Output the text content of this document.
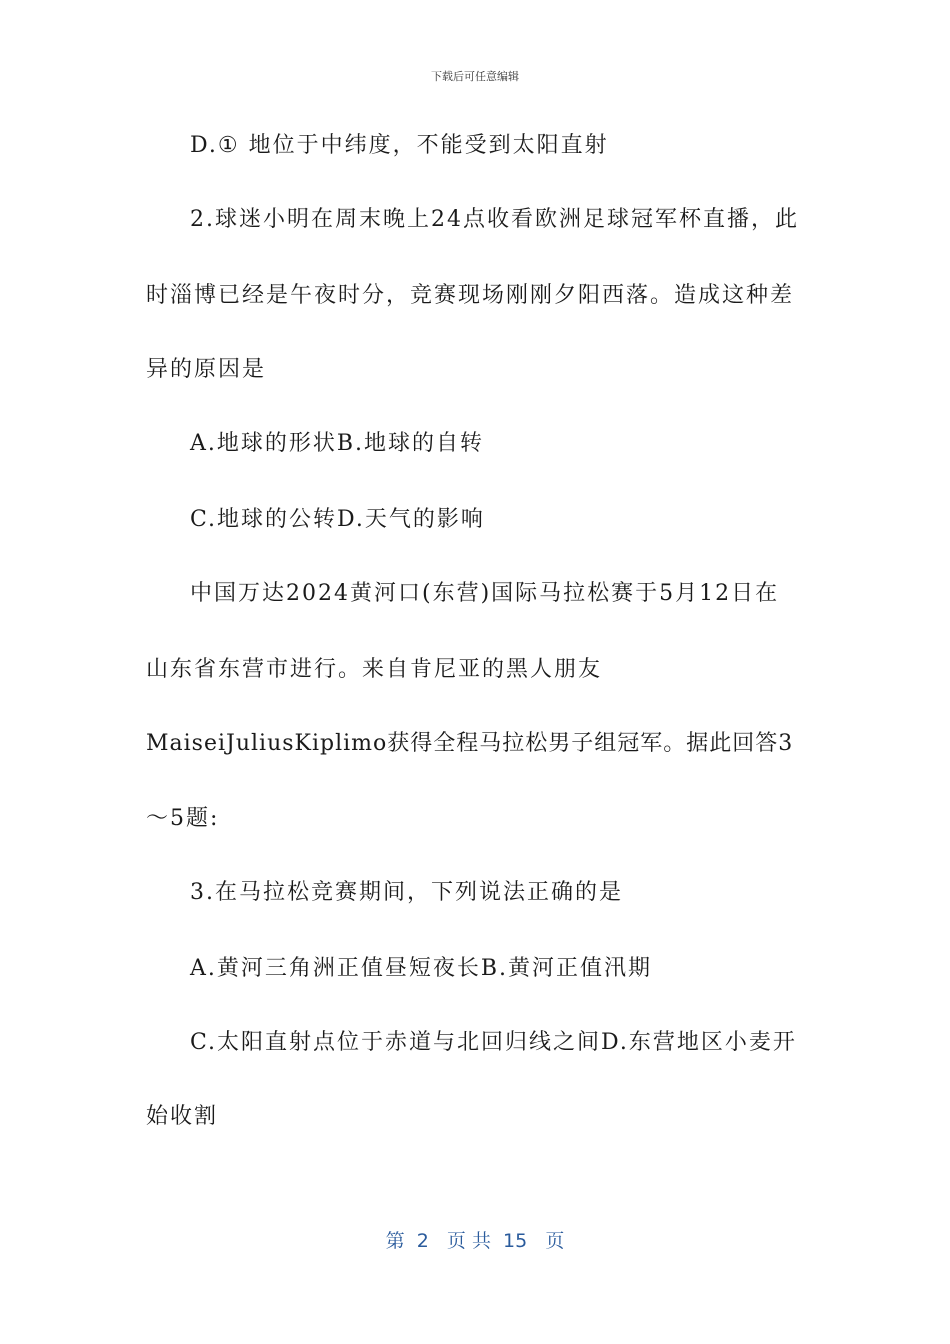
下载后可任意编辑
D.① 地位于中纬度，不能受到太阳直射
2.球迷小明在周末晚上24点收看欧洲足球冠军杯直播，此
时淄博已经是午夜时分，竞赛现场刚刚夕阳西落。造成这种差
异的原因是
A.地球的形状B.地球的自转
C.地球的公转D.天气的影响
中国万达2024黄河口(东营)国际马拉松赛于5月12日在
山东省东营市进行。来自肯尼亚的黑人朋友
MaiseiJuliusKiplimo获得全程马拉松男子组冠军。据此回答3
～5题:
3.在马拉松竞赛期间，下列说法正确的是
A.黄河三角洲正值昼短夜长B.黄河正值汛期
C.太阳直射点位于赤道与北回归线之间D.东营地区小麦开
始收割
第  2   页 共  15   页
